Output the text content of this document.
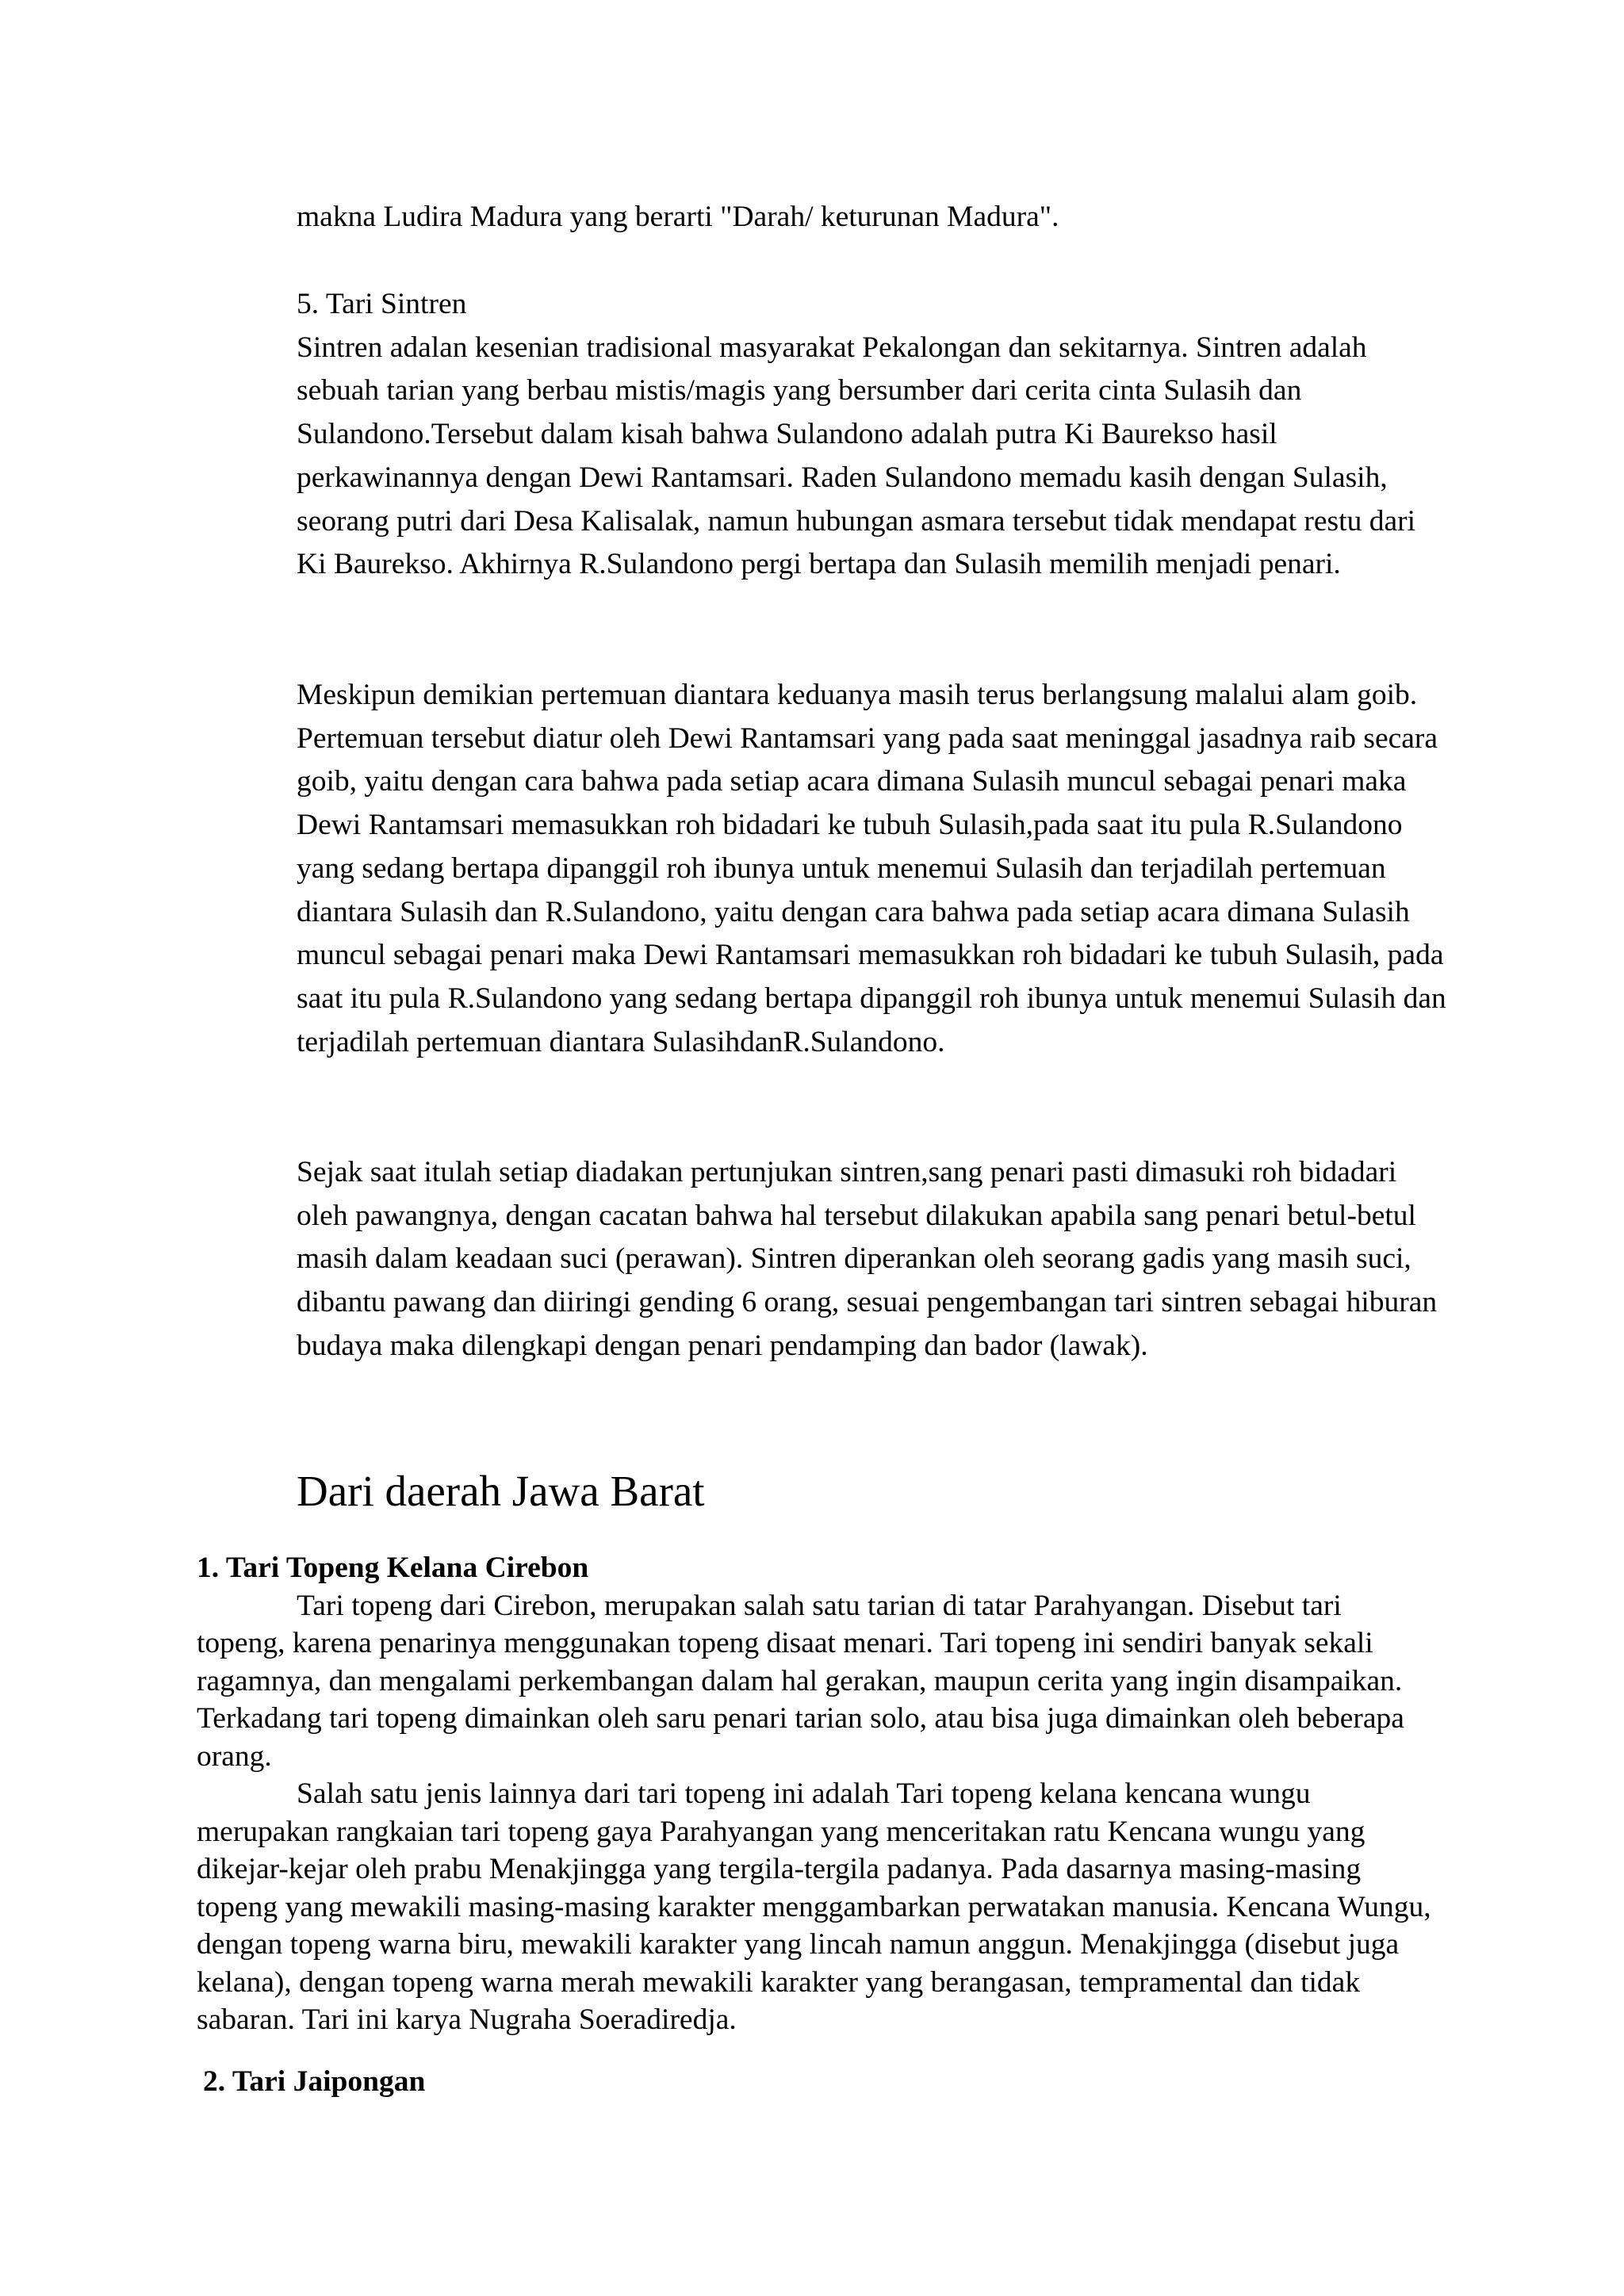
makna Ludira Madura yang berarti "Darah/ keturunan Madura".

5. Tari Sintren

Sintren adalan kesenian tradisional masyarakat Pekalongan dan sekitarnya. Sintren adalah sebuah tarian yang berbau mistis/magis yang bersumber dari cerita cinta Sulasih dan Sulandono.Tersebut dalam kisah bahwa Sulandono adalah putra Ki Baurekso hasil perkawinannya dengan Dewi Rantamsari. Raden Sulandono memadu kasih dengan Sulasih, seorang putri dari Desa Kalisalak, namun hubungan asmara tersebut tidak mendapat restu dari Ki Baurekso. Akhirnya R.Sulandono pergi bertapa dan Sulasih memilih menjadi penari.

Meskipun demikian pertemuan diantara keduanya masih terus berlangsung malalui alam goib. Pertemuan tersebut diatur oleh Dewi Rantamsari yang pada saat meninggal jasadnya raib secara goib, yaitu dengan cara bahwa pada setiap acara dimana Sulasih muncul sebagai penari maka Dewi Rantamsari memasukkan roh bidadari ke tubuh Sulasih,pada saat itu pula R.Sulandono yang sedang bertapa dipanggil roh ibunya untuk menemui Sulasih dan terjadilah pertemuan diantara Sulasih dan R.Sulandono, yaitu dengan cara bahwa pada setiap acara dimana Sulasih muncul sebagai penari maka Dewi Rantamsari memasukkan roh bidadari ke tubuh Sulasih, pada saat itu pula R.Sulandono yang sedang bertapa dipanggil roh ibunya untuk menemui Sulasih dan terjadilah pertemuan diantara SulasihdanR.Sulandono.

Sejak saat itulah setiap diadakan pertunjukan sintren,sang penari pasti dimasuki roh bidadari oleh pawangnya, dengan cacatan bahwa hal tersebut dilakukan apabila sang penari betul-betul masih dalam keadaan suci (perawan). Sintren diperankan oleh seorang gadis yang masih suci, dibantu pawang dan diiringi gending 6 orang, sesuai pengembangan tari sintren sebagai hiburan budaya maka dilengkapi dengan penari pendamping dan bador (lawak).

Dari daerah Jawa Barat
1. Tari Topeng Kelana Cirebon

Tari topeng dari Cirebon, merupakan salah satu tarian di tatar Parahyangan. Disebut tari topeng, karena penarinya menggunakan topeng disaat menari. Tari topeng ini sendiri banyak sekali ragamnya, dan mengalami perkembangan dalam hal gerakan, maupun cerita yang ingin disampaikan. Terkadang tari topeng dimainkan oleh saru penari tarian solo, atau bisa juga dimainkan oleh beberapa orang.

Salah satu jenis lainnya dari tari topeng ini adalah Tari topeng kelana kencana wungu merupakan rangkaian tari topeng gaya Parahyangan yang menceritakan ratu Kencana wungu yang dikejar-kejar oleh prabu Menakjingga yang tergila-tergila padanya. Pada dasarnya masing-masing topeng yang mewakili masing-masing karakter menggambarkan perwatakan manusia. Kencana Wungu, dengan topeng warna biru, mewakili karakter yang lincah namun anggun. Menakjingga (disebut juga kelana), dengan topeng warna merah mewakili karakter yang berangasan, tempramental dan tidak sabaran. Tari ini karya Nugraha Soeradiredja.

2. Tari Jaipongan
